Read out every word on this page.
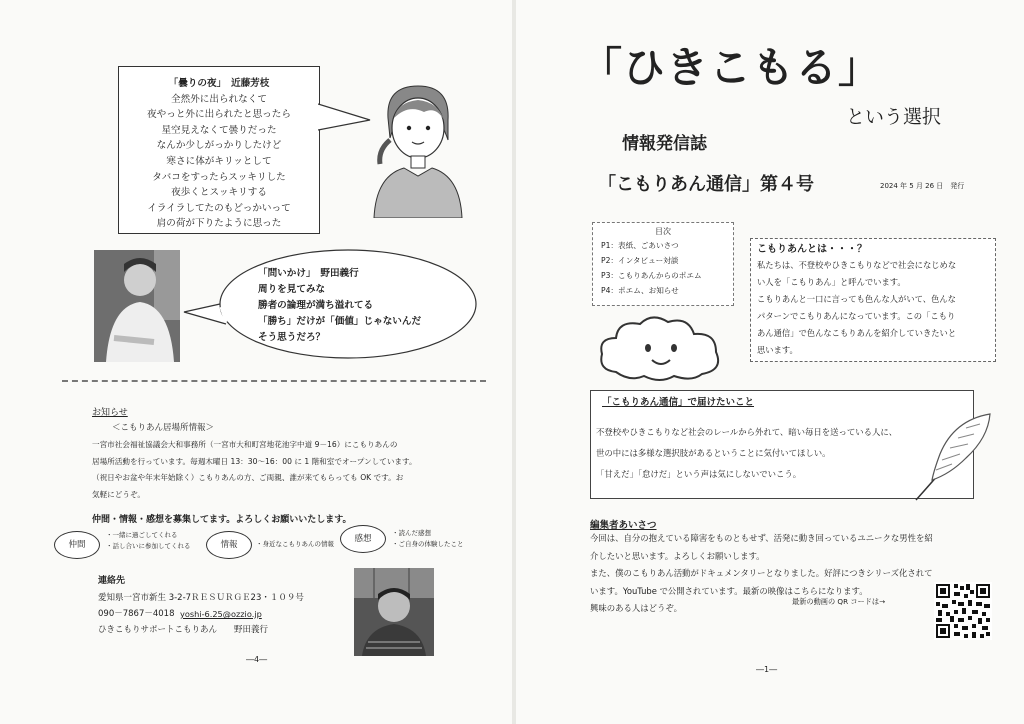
「曇りの夜」　近藤芳枝
全然外に出られなくて
夜やっと外に出られたと思ったら
星空見えなくて曇りだった
なんか少しがっかりしたけど
寒さに体がキリッとして
タバコをすったらスッキリした
夜歩くとスッキリする
イライラしてたのもどっかいって
肩の荷が下りたように思った
「問いかけ」　野田義行
周りを見てみな
勝者の論理が満ち溢れてる
「勝ち」だけが「価値」じゃないんだ
そう思うだろ？
お知らせ
＜こもりあん居場所情報＞
一宮市社会福祉協議会大和事務所（一宮市大和町宮地花池字中道 9－16）にこもりあんの
居場所活動を行っています。毎週木曜日 13：30～16：00 に 1 階和室でオープンしています。
（祝日やお盆や年末年始除く）こもりあんの方、ご両親、誰が来てもらっても OK です。お
気軽にどうぞ。
仲間・情報・感想を募集してます。よろしくお願いいたします。
仲間
・一緒に過ごしてくれる
・話し合いに参加してくれる	情報	・身近なこもりあんの情報	感想
・読んだ感想
・ご自身の体験したこと
連絡先
愛知県一宮市新生 3-2-7ＲＥＳＵＲＧＥ23・１０９号
090－7867－4018 yoshi-6.25@ozzio.jp
ひきこもりサポートこもりあん　　野田義行
―4―
「ひきこもる」
という選択
情報発信誌
「こもりあん通信」第４号	2024 年 5 月 26 日　発行
目次
P1：表紙、ごあいさつ
P2：インタビュー対談
P3：こもりあんからのポエム
P4：ポエム、お知らせ
こもりあんとは・・・？
私たちは、不登校やひきこもりなどで社会になじめな
い人を「こもりあん」と呼んでいます。
こもりあんと一口に言っても色んな人がいて、色んな
パターンでこもりあんになっています。この「こもり
あん通信」で色んなこもりあんを紹介していきたいと
思います。
「こもりあん通信」で届けたいこと
不登校やひきこもりなど社会のレールから外れて、暗い毎日を送っている人に、
世の中には多様な選択肢があるということに気付いてほしい。
「甘えだ」「怠けだ」という声は気にしないでいこう。
編集者あいさつ
今回は、自分の抱えている障害をものともせず、活発に動き回っているユニークな男性を紹
介したいと思います。よろしくお願いします。
また、僕のこもりあん活動がドキュメンタリーとなりました。好評につきシリーズ化されて
います。YouTube で公開されています。最新の映像はこちらになります。
興味のある人はどうぞ。
最新の動画の QR コードは→
―1―
